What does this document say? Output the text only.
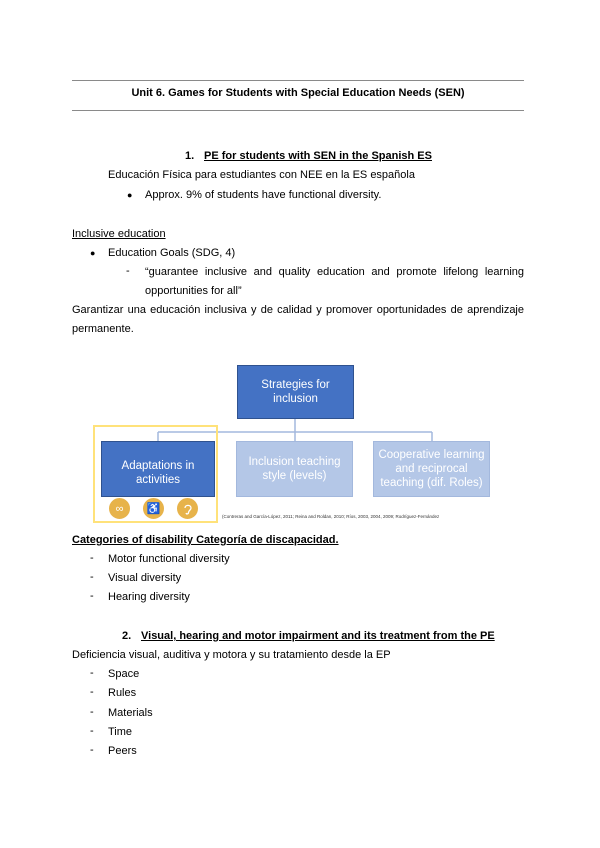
Unit 6. Games for Students with Special Education Needs (SEN)
1. PE for students with SEN in the Spanish ES
Educación Física para estudiantes con NEE en la ES española
● Approx. 9% of students have functional diversity.
Inclusive education
● Education Goals (SDG, 4)
- “guarantee inclusive and quality education and promote lifelong learning
opportunities for all”
Garantizar una educación inclusiva y de calidad y promover oportunidades de aprendizaje
permanente.
Strategies for inclusion
Adaptations in activities
Inclusion teaching style (levels)
Cooperative learning and reciprocal teaching (dif. Roles)
∞	♿
(Contreras and García-López, 2011; Reina and Roldan, 2010; Ríos, 2003, 2004, 2009; Rodríguez-Fernández
Categories of disability Categoría de discapacidad.
- Motor functional diversity
- Visual diversity
- Hearing diversity
2. Visual, hearing and motor impairment and its treatment from the PE
Deficiencia visual, auditiva y motora y su tratamiento desde la EP
- Space
- Rules
- Materials
- Time
- Peers
